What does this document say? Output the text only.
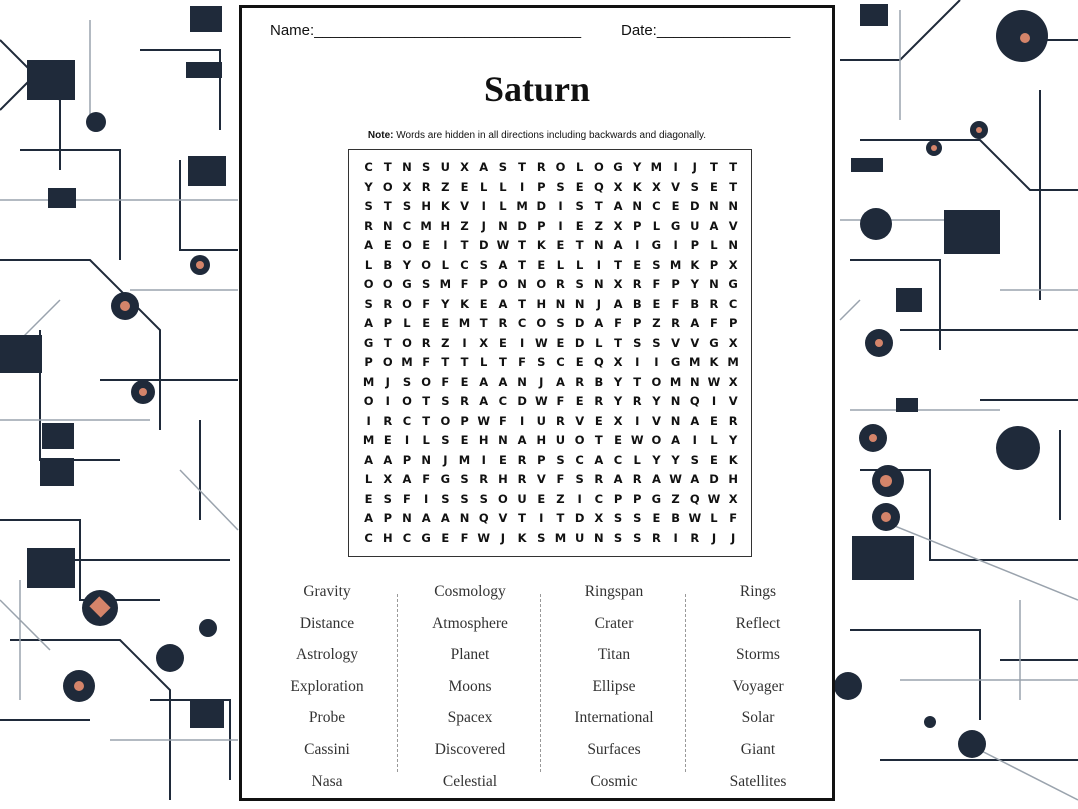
Name:________________________________	Date:________________
Saturn
Note: Words are hidden in all directions including backwards and diagonally.
C T N S U X A S T R O L O G Y M I	J	T T
Y O X R Z E	L	L	I	P S E Q X K X V S E T
S T S H K V	I	L M D	I	S T A N C E D N N
R N C M H Z	J	N D P	I	E Z X P L G U A V
A E O E	I	T D W T K E T N A	I	G	I	P L N
L B Y O L C S A T E	L	L	I	T E S M K P X
O O G S M F P O N O R S N X R F P Y N G
S R O F Y K E A T H N N	J	A B E F B R C
A P L	E E M T R C O S D A F P Z R A F P
G T O R Z	I	X E	I W E D L	T S S V V G X
P O M F T T	L	T F S C E Q X	I	I	G M K M
M J	S O F E A A N	J	A R B Y T O M N W X
O	I	O T S R A C D W F E R Y R Y N Q	I	V
I	R C T O P W F	I	U R V E X	I	V N A E R
M E	I	L S E H N A H U O T E W O A	I	L Y
A A P N	J M I	E R P S C A C L Y Y S E K
L X A F G S R H R V F S R A R A W A D H
E S F	I	S S S O U E Z	I	C P P G Z Q W X
A P N A A N Q V T	I	T D X S S E B W L	F
C H C G E F W J	K S M U N S S R	I	R	J	J
Gravity
Distance
Astrology
Exploration
Probe
Cassini
Nasa
Cosmology
Atmosphere
Planet
Moons
Spacex
Discovered
Celestial
Ringspan
Crater
Titan
Ellipse
International
Surfaces
Cosmic
Rings
Reflect
Storms
Voyager
Solar
Giant
Satellites
